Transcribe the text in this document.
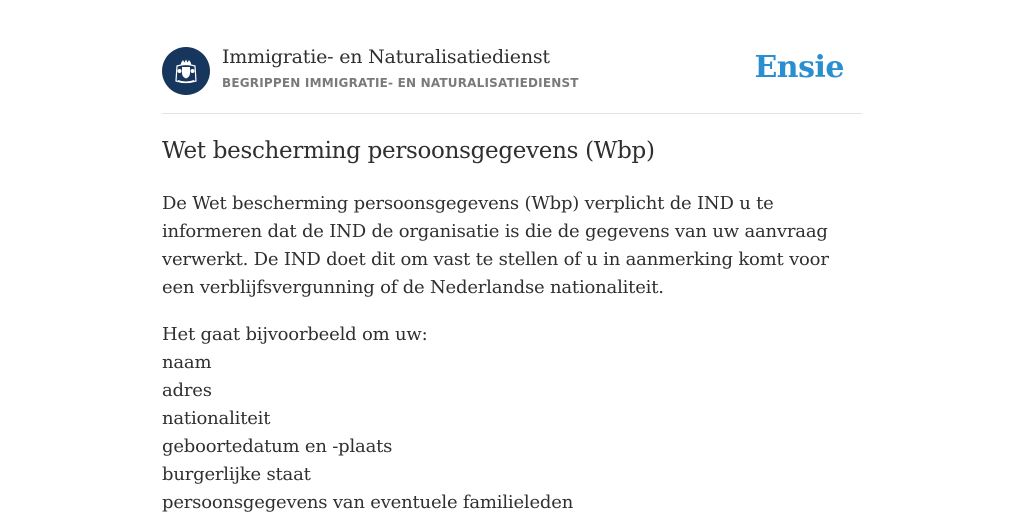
Immigratie- en Naturalisatiedienst
BEGRIPPEN IMMIGRATIE- EN NATURALISATIEDIENST	Ensie
Wet bescherming persoonsgegevens (Wbp)

De Wet bescherming persoonsgegevens (Wbp) verplicht de IND u te informeren dat de IND de organisatie is die de gegevens van uw aanvraag verwerkt. De IND doet dit om vast te stellen of u in aanmerking komt voor een verblijfsvergunning of de Nederlandse nationaliteit.

Het gaat bijvoorbeeld om uw:

naam
adres
nationaliteit
geboortedatum en -plaats
burgerlijke staat
persoonsgegevens van eventuele familieleden
